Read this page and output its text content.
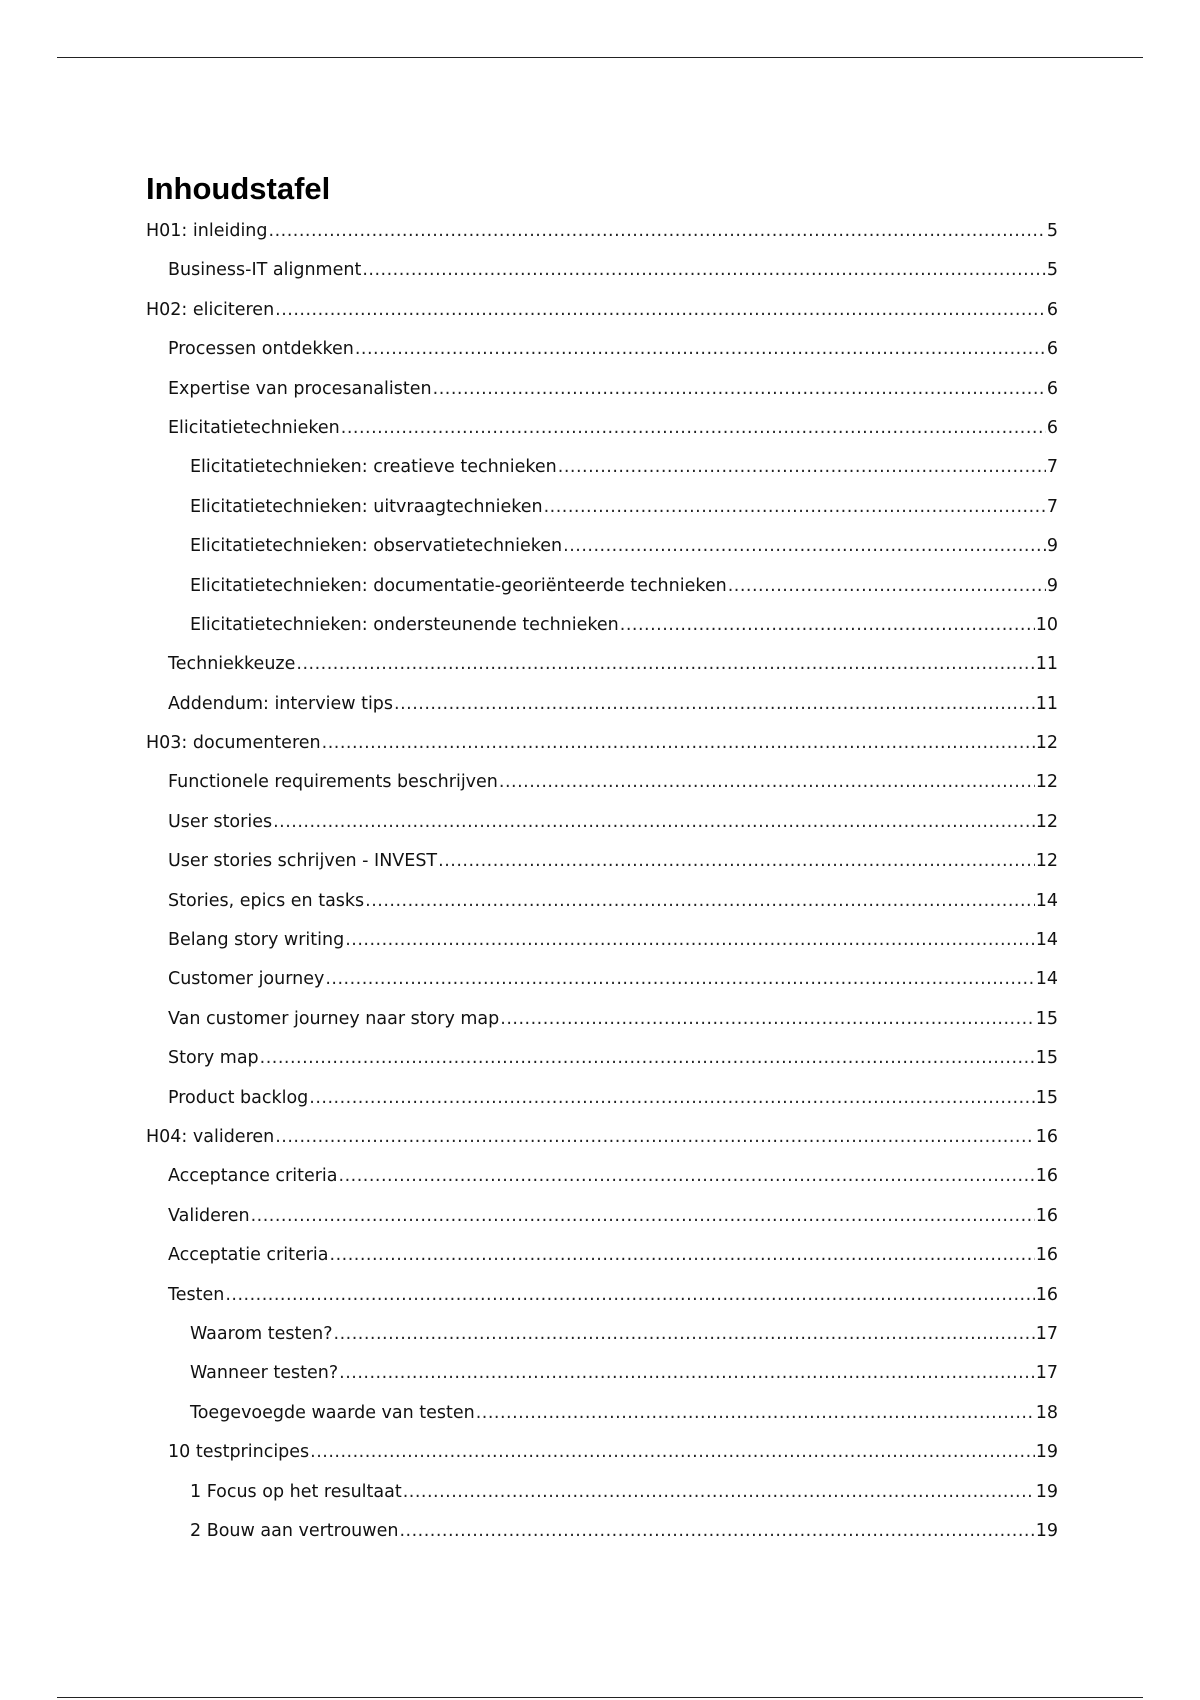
Inhoudstafel
H01: inleiding .....	5
Business-IT alignment .....	5
H02: eliciteren .....	6
Processen ontdekken .....	6
Expertise van procesanalisten .....	6
Elicitatietechnieken .....	6
Elicitatietechnieken: creatieve technieken .....	7
Elicitatietechnieken: uitvraagtechnieken .....	7
Elicitatietechnieken: observatietechnieken .....	9
Elicitatietechnieken: documentatie-georiënteerde technieken .....	9
Elicitatietechnieken: ondersteunende technieken .....	10
Techniekkeuze .....	11
Addendum: interview tips .....	11
H03: documenteren .....	12
Functionele requirements beschrijven .....	12
User stories .....	12
User stories schrijven - INVEST .....	12
Stories, epics en tasks .....	14
Belang story writing .....	14
Customer journey .....	14
Van customer journey naar story map .....	15
Story map .....	15
Product backlog .....	15
H04: valideren .....	16
Acceptance criteria .....	16
Valideren .....	16
Acceptatie criteria .....	16
Testen .....	16
Waarom testen? .....	17
Wanneer testen? .....	17
Toegevoegde waarde van testen .....	18
10 testprincipes .....	19
1 Focus op het resultaat .....	19
2 Bouw aan vertrouwen .....	19
